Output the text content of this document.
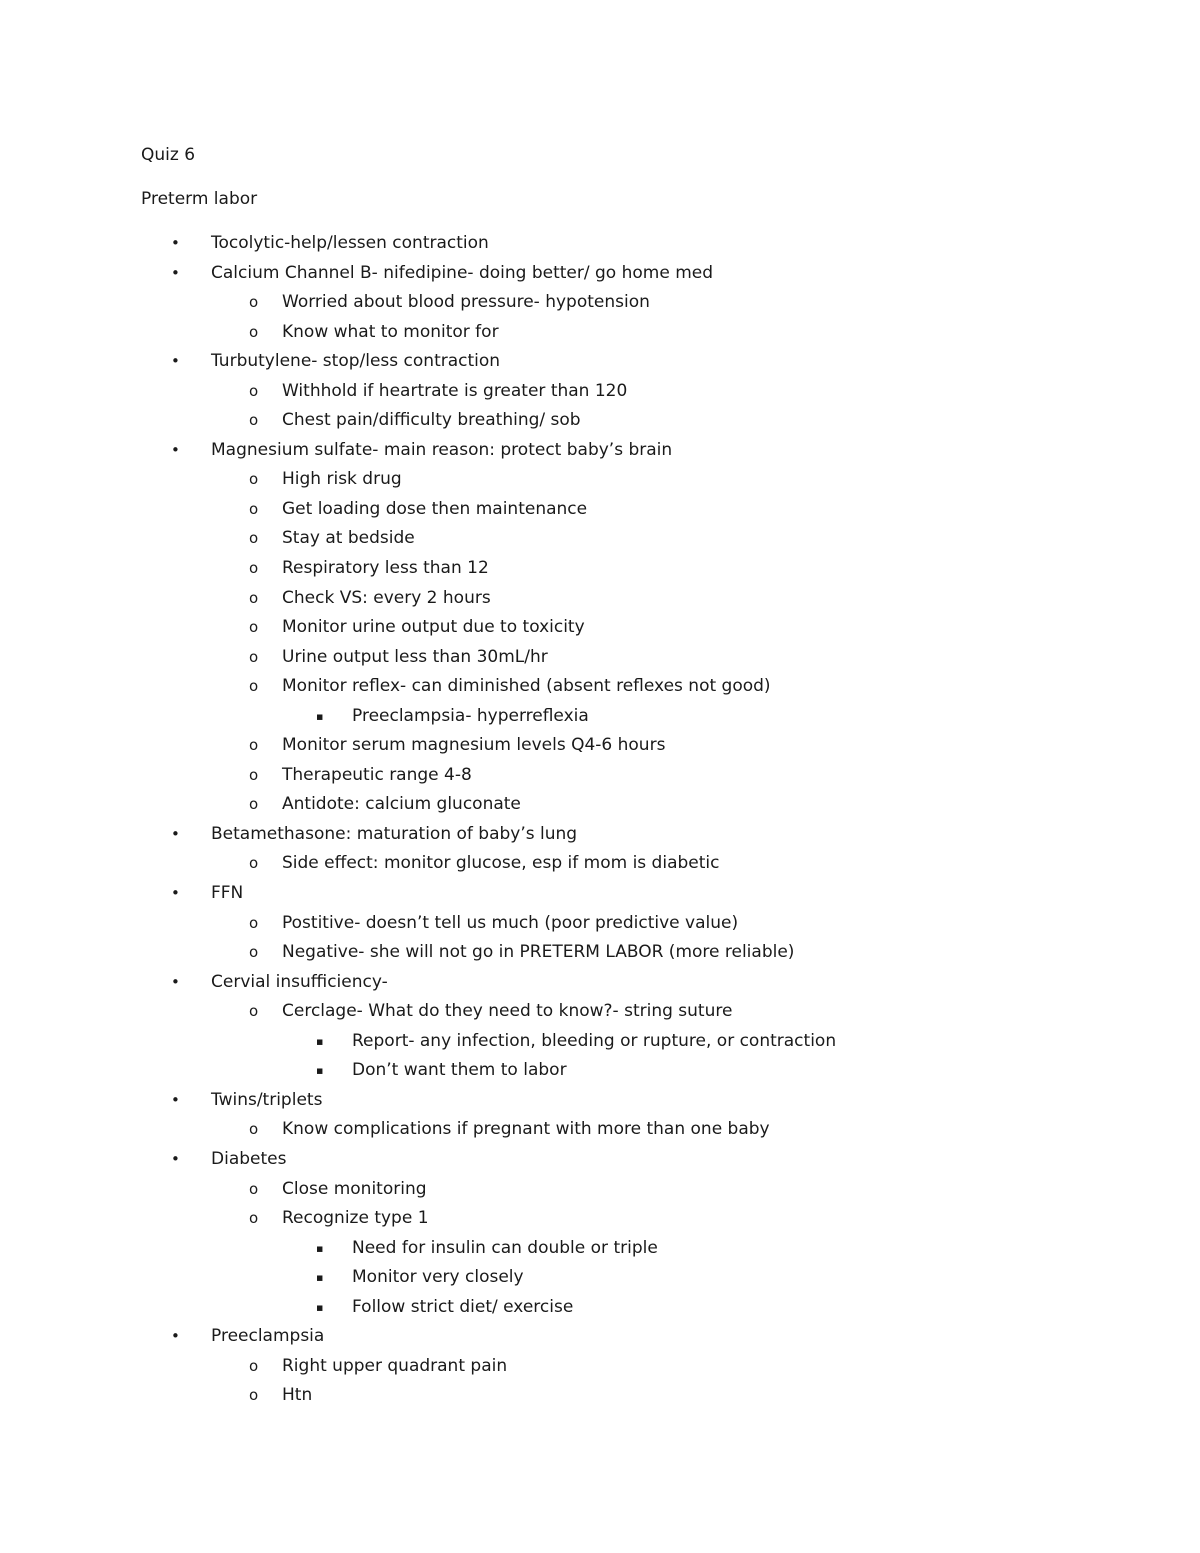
Quiz 6
Preterm labor
• Tocolytic-help/lessen contraction
• Calcium Channel B- nifedipine- doing better/ go home med
o Worried about blood pressure- hypotension
o Know what to monitor for
• Turbutylene- stop/less contraction
o Withhold if heartrate is greater than 120
o Chest pain/difficulty breathing/ sob
• Magnesium sulfate- main reason: protect baby’s brain
o High risk drug
o Get loading dose then maintenance
o Stay at bedside
o Respiratory less than 12
o Check VS: every 2 hours
o Monitor urine output due to toxicity
o Urine output less than 30mL/hr
o Monitor reflex- can diminished (absent reflexes not good)
▪ Preeclampsia- hyperreflexia
o Monitor serum magnesium levels Q4-6 hours
o Therapeutic range 4-8
o Antidote: calcium gluconate
• Betamethasone: maturation of baby’s lung
o Side effect: monitor glucose, esp if mom is diabetic
• FFN
o Postitive- doesn’t tell us much (poor predictive value)
o Negative- she will not go in PRETERM LABOR (more reliable)
• Cervial insufficiency-
o Cerclage- What do they need to know?- string suture
▪ Report- any infection, bleeding or rupture, or contraction
▪ Don’t want them to labor
• Twins/triplets
o Know complications if pregnant with more than one baby
• Diabetes
o Close monitoring
o Recognize type 1
▪ Need for insulin can double or triple
▪ Monitor very closely
▪ Follow strict diet/ exercise
• Preeclampsia
o Right upper quadrant pain
o Htn
